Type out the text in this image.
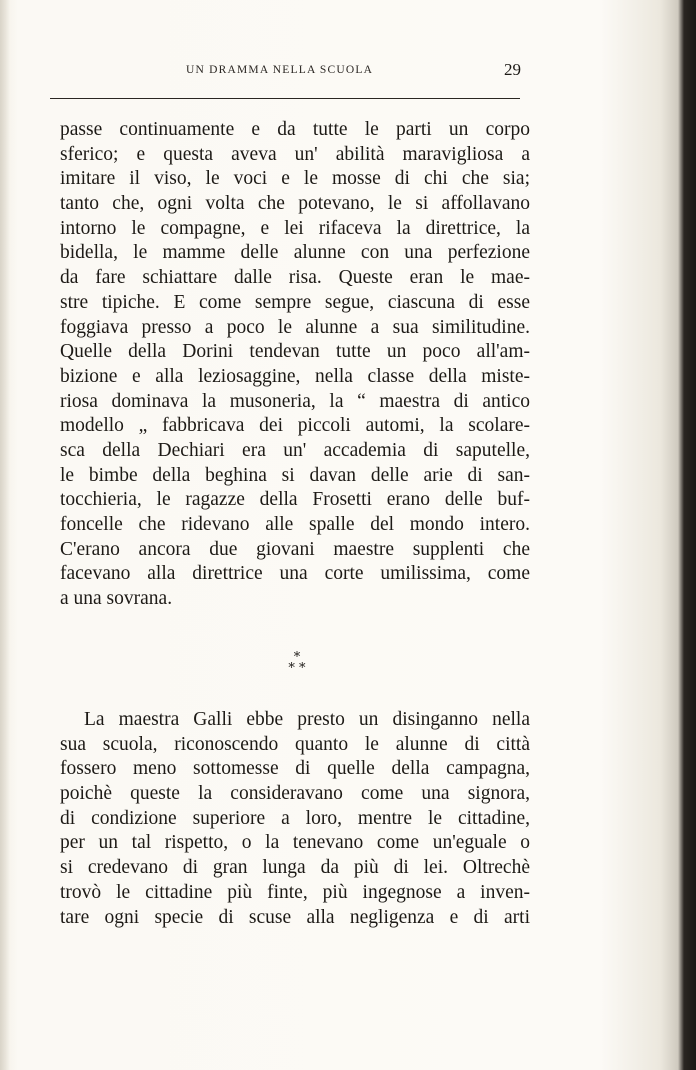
UN DRAMMA NELLA SCUOLA	29
passe continuamente e da tutte le parti un corpo
sferico; e questa aveva un' abilità maravigliosa a
imitare il viso, le voci e le mosse di chi che sia;
tanto che, ogni volta che potevano, le si affollavano
intorno le compagne, e lei rifaceva la direttrice, la
bidella, le mamme delle alunne con una perfezione
da fare schiattare dalle risa. Queste eran le mae-
stre tipiche. E come sempre segue, ciascuna di esse
foggiava presso a poco le alunne a sua similitudine.
Quelle della Dorini tendevan tutte un poco all'am-
bizione e alla leziosaggine, nella classe della miste-
riosa dominava la musoneria, la “ maestra di antico
modello „ fabbricava dei piccoli automi, la scolare-
sca della Dechiari era un' accademia di saputelle,
le bimbe della beghina si davan delle arie di san-
tocchieria, le ragazze della Frosetti erano delle buf-
foncelle che ridevano alle spalle del mondo intero.
C'erano ancora due giovani maestre supplenti che
facevano alla direttrice una corte umilissima, come
a una sovrana.
*
* *
La maestra Galli ebbe presto un disinganno nella
sua scuola, riconoscendo quanto le alunne di città
fossero meno sottomesse di quelle della campagna,
poichè queste la consideravano come una signora,
di condizione superiore a loro, mentre le cittadine,
per un tal rispetto, o la tenevano come un'eguale o
si credevano di gran lunga da più di lei. Oltrechè
trovò le cittadine più finte, più ingegnose a inven-
tare ogni specie di scuse alla negligenza e di arti
